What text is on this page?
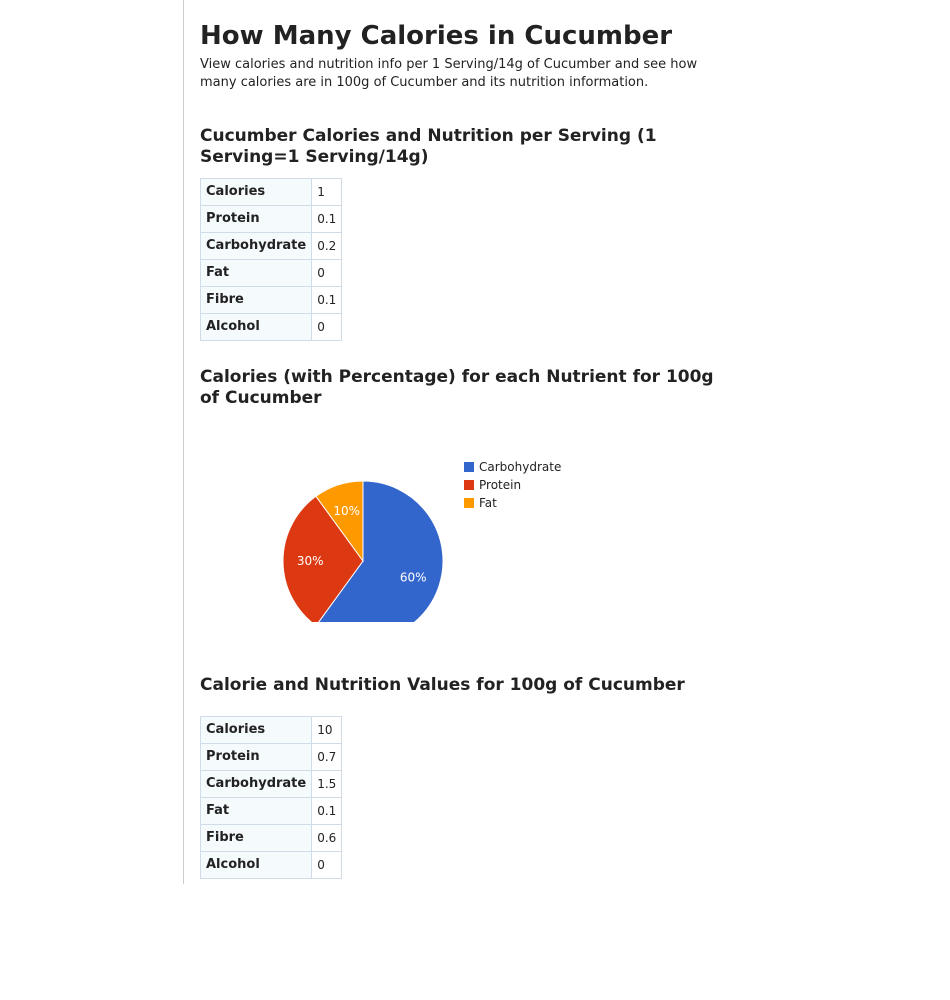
How Many Calories in Cucumber

View calories and nutrition info per 1 Serving/14g of Cucumber and see how many calories are in 100g of Cucumber and its nutrition information.

Cucumber Calories and Nutrition per Serving (1 Serving=1 Serving/14g)
Calories	1
Protein	0.1
Carbohydrate	0.2
Fat	0
Fibre	0.1
Alcohol	0
Calories (with Percentage) for each Nutrient for 100g of Cucumber
60%
30%
10%
Carbohydrate
Protein
Fat
Calorie and Nutrition Values for 100g of Cucumber
Calories	10
Protein	0.7
Carbohydrate	1.5
Fat	0.1
Fibre	0.6
Alcohol	0
